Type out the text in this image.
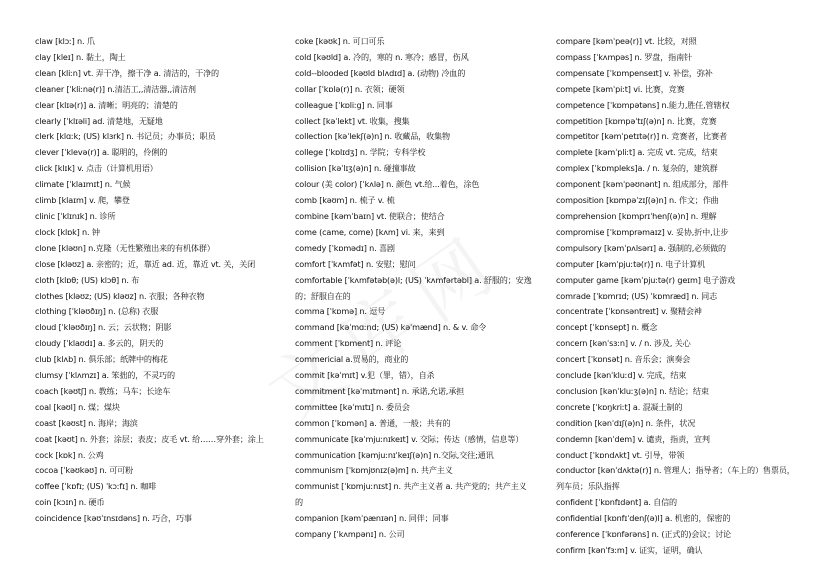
claw [klɔː] n. 爪

clay [kleɪ] n. 黏土，陶土

clean [kliːn] vt. 弄干净，擦干净 a. 清洁的，干净的

cleaner [ˈkliːnə(r)] n.清洁工,,清洁器,,清洁剂

clear [klɪə(r)] a. 清晰；明亮的；清楚的

clearly [ˈklɪəli] ad. 清楚地，无疑地

clerk [klɑːk; (US) klɜrk] n. 书记员；办事员；职员

clever [ˈklevə(r)] a. 聪明的，伶俐的

click [klɪk] v. 点击（计算机用语）

climate [ˈklaɪmɪt] n. 气候

climb [klaɪm] v. 爬，攀登

clinic [ˈklɪnɪk] n. 诊所

clock [klɒk] n. 钟

clone [kləʊn] n.克隆（无性繁殖出来的有机体群）

close [kləʊz] a. 亲密的；近，靠近 ad. 近，靠近 vt. 关，关闭

cloth [klɒθ; (US) klɔθ] n. 布

clothes [kləʊz; (US) kləʊz] n. 衣服；各种衣物

clothing [ˈkləʊðɪŋ] n. (总称) 衣服

cloud [ˈkləʊðɪŋ] n. 云；云状物；阴影

cloudy [ˈklaʊdɪ] a. 多云的，阴天的

club [klʌb] n. 俱乐部；纸牌中的梅花

clumsy [ˈklʌmzɪ] a. 笨拙的，不灵巧的

coach [kəʊtʃ] n. 教练；马车；长途车

coal [kəʊl] n. 煤；煤块

coast [kəʊst] n. 海岸；海滨

coat [kəʊt] n. 外套；涂层；表皮；皮毛 vt. 给……穿外套；涂上

cock [kɒk] n. 公鸡

cocoa [ˈkəʊkəʊ] n. 可可粉

coffee [ˈkɒfɪ; (US) ˈkɔːfɪ] n. 咖啡

coin [kɔɪn] n. 硬币

coincidence [kəʊˈɪnsɪdəns] n. 巧合，巧事

coke [kəʊk] n. 可口可乐

cold [kəʊld] a. 冷的，寒的 n. 寒冷；感冒，伤风

cold--blooded [kəʊld blʌdɪd] a. (动物) 冷血的

collar [ˈkɒlə(r)] n. 衣领；硬领

colleague [ˈkɒliːg] n. 同事

collect [kəˈlekt] vt. 收集，搜集

collection [kəˈlekʃ(ə)n] n. 收藏品，收集物

college [ˈkɒlɪdʒ] n. 学院；专科学校

collision [kəˈlɪʒ(ə)n] n. 碰撞事故

colour (美 color) [ˈkʌlə] n. 颜色 vt.给...着色，涂色

comb [kəʊm] n. 梳子 v. 梳

combine [kəmˈbaɪn] vt. 使联合；使结合

come (came, come) [kʌm] vi. 来，来到

comedy [ˈkɒmədɪ] n. 喜剧

comfort [ˈkʌmfət] n. 安慰；慰问

comfortable [ˈkʌmfətəb(ə)l; (US) ˈkʌmfərtəbl] a. 舒服的；安逸的；舒服自在的

comma [ˈkɒmə] n. 逗号

command [kəˈmɑːnd; (US) kəˈmænd] n. & v. 命令

comment [ˈkɒment] n. 评论

commericial a.贸易的，商业的

commit [kəˈmɪt] v.犯（罪，错），自杀

commitment [kəˈmɪtmənt] n. 承诺,允诺,承担

committee [kəˈmɪtɪ] n. 委员会

common [ˈkɒmən] a. 普通，一般；共有的

communicate [kəˈmjuːnɪkeɪt] v. 交际；传达（感情，信息等）

communication [kəmjuːnɪˈkeɪʃ(ə)n] n.交际,交往;通讯

communism [ˈkɒmjʊnɪz(ə)m] n. 共产主义

communist [ˈkɒmjuːnɪst] n. 共产主义者 a. 共产党的；共产主义的

companion [kəmˈpænɪən] n. 同伴；同事

company [ˈkʌmpənɪ] n. 公司

compare [kəmˈpeə(r)] vt. 比较，对照

compass [ˈkʌmpəs] n. 罗盘，指南针

compensate [ˈkɒmpenseɪt] v. 补偿，弥补

compete [kəmˈpiːt] vi. 比赛，竞赛

competence [ˈkɒmpətəns] n.能力,胜任,管辖权

competition [kɒmpəˈtɪʃ(ə)n] n. 比赛，竞赛

competitor [kəmˈpetɪtə(r)] n. 竞赛者，比赛者

complete [kəmˈpliːt] a. 完成 vt. 完成，结束

complex [ˈkɒmpleks]a. / n. 复杂的，建筑群

component [kəmˈpəʊnənt] n. 组成部分，部件

composition [kɒmpəˈzɪʃ(ə)n] n. 作文；作曲

comprehension [kɒmprɪˈhenʃ(ə)n] n. 理解

compromise [ˈkɒmprəmaɪz] v. 妥协,折中,让步

compulsory [kəmˈpʌlsərɪ] a. 强制的,必须做的

computer [kəmˈpjuːtə(r)] n. 电子计算机

computer game [kəmˈpjuːtə(r) geɪm] 电子游戏

comrade [ˈkɒmrɪd; (US) ˈkɒmræd] n. 同志

concentrate [ˈkɒnsəntreɪt] v. 聚精会神

concept [ˈkɒnsept] n. 概念

concern [kənˈsɜːn] v. / n. 涉及, 关心

concert [ˈkɒnsət] n. 音乐会；演奏会

conclude [kənˈkluːd] v. 完成，结束

conclusion [kənˈkluːʒ(ə)n] n. 结论；结束

concrete [ˈkɒŋkriːt] a. 混凝土制的

condition [kənˈdɪʃ(ə)n] n. 条件，状况

condemn [kənˈdem] v. 谴责，指责，宣判

conduct [ˈkɒndʌkt] vt. 引导，带领

conductor [kənˈdʌktə(r)] n. 管理人；指导者；（车上的）售票员，列车员；乐队指挥

confident [ˈkɒnfɪdənt] a. 自信的

confidential [kɒnfɪˈdenʃ(ə)l] a. 机密的，保密的

conference [ˈkɒnfərəns] n. (正式的)会议；讨论

confirm [kənˈfɜːm] v. 证实，证明，确认
